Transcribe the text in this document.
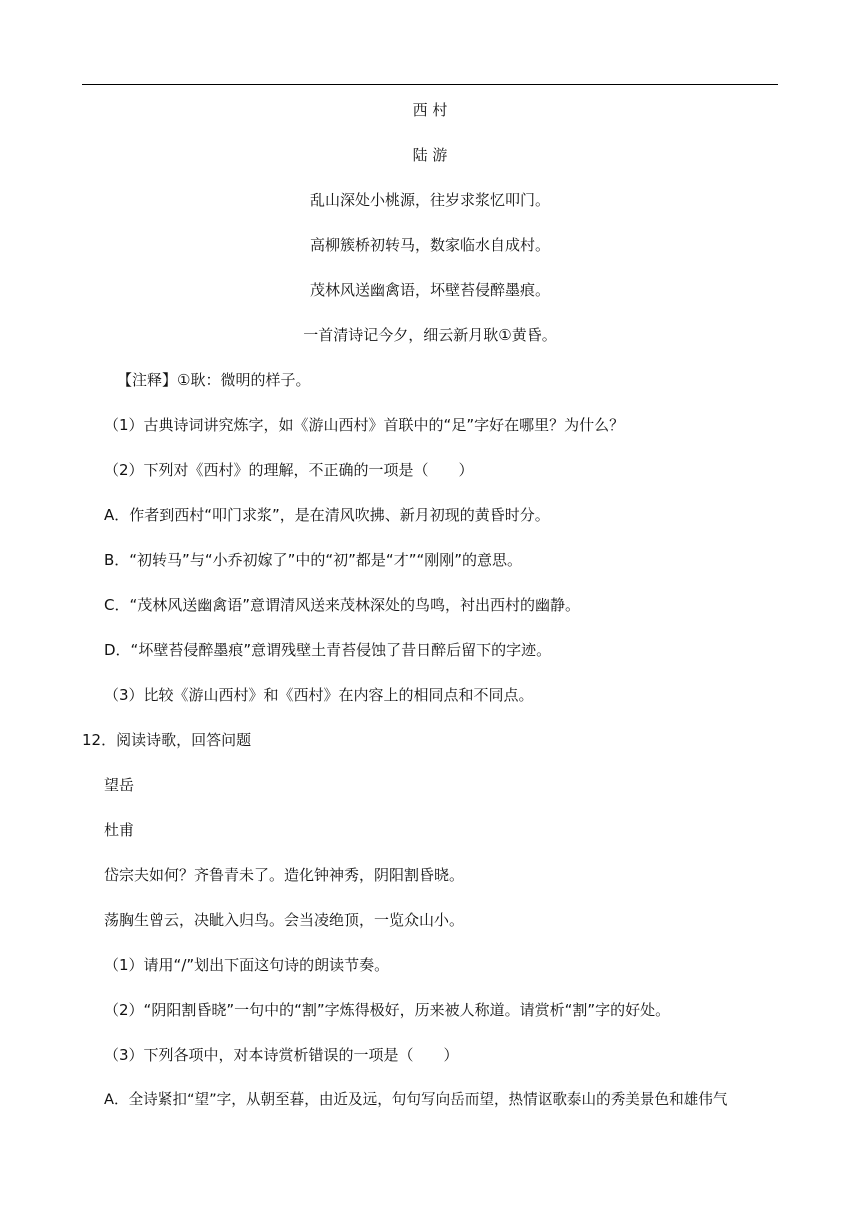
西 村
陆 游
乱山深处小桃源，往岁求浆忆叩门。
高柳簇桥初转马，数家临水自成村。
茂林风送幽禽语，坏壁苔侵醉墨痕。
一首清诗记今夕，细云新月耿①黄昏。
【注释】①耿：微明的样子。
（1）古典诗词讲究炼字，如《游山西村》首联中的“足”字好在哪里？为什么？
（2）下列对《西村》的理解，不正确的一项是（　　）
A．作者到西村“叩门求浆”，是在清风吹拂、新月初现的黄昏时分。
B．“初转马”与“小乔初嫁了”中的“初”都是“才”“刚刚”的意思。
C．“茂林风送幽禽语”意谓清风送来茂林深处的鸟鸣，衬出西村的幽静。
D．“坏壁苔侵醉墨痕”意谓残壁土青苔侵蚀了昔日醉后留下的字迹。
（3）比较《游山西村》和《西村》在内容上的相同点和不同点。
12．阅读诗歌，回答问题
望岳
杜甫
岱宗夫如何？齐鲁青未了。造化钟神秀，阴阳割昏晓。
荡胸生曾云，决眦入归鸟。会当凌绝顶，一览众山小。
（1）请用“/”划出下面这句诗的朗读节奏。
（2）“阴阳割昏晓”一句中的“割”字炼得极好，历来被人称道。请赏析“割”字的好处。
（3）下列各项中，对本诗赏析错误的一项是（　　）
A．全诗紧扣“望”字，从朝至暮，由近及远，句句写向岳而望，热情讴歌泰山的秀美景色和雄伟气
